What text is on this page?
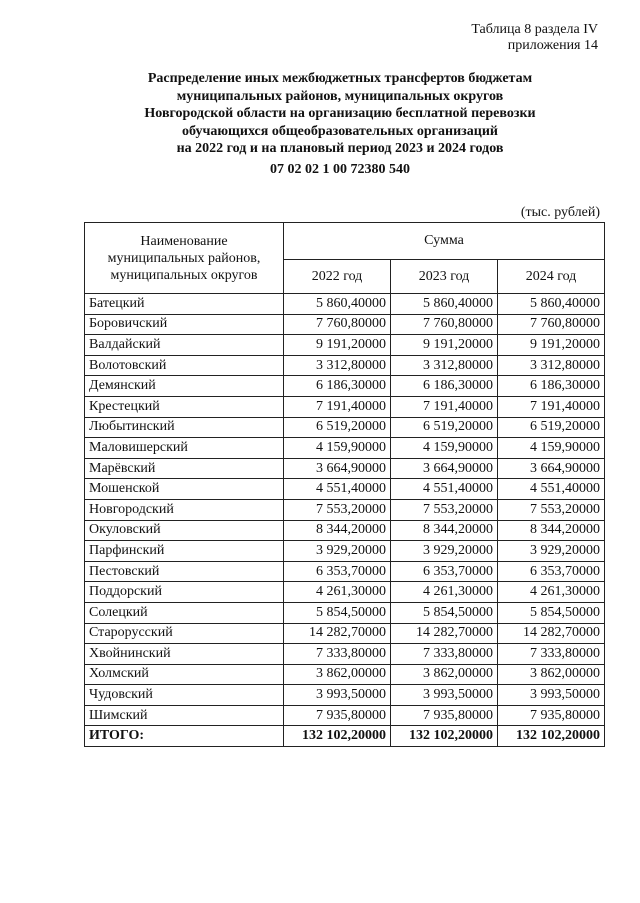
Таблица 8 раздела IV
приложения 14
Распределение иных межбюджетных трансфертов бюджетам
муниципальных районов, муниципальных округов
Новгородской области на организацию бесплатной перевозки
обучающихся общеобразовательных организаций
на 2022 год и на плановый период 2023 и 2024 годов
07 02 02 1 00 72380 540
(тыс. рублей)
Наименование
муниципальных районов,
муниципальных округов	Сумма		
	2022 год	2023 год	2024 год
Батецкий	5 860,40000	5 860,40000	5 860,40000
Боровичский	7 760,80000	7 760,80000	7 760,80000
Валдайский	9 191,20000	9 191,20000	9 191,20000
Волотовский	3 312,80000	3 312,80000	3 312,80000
Демянский	6 186,30000	6 186,30000	6 186,30000
Крестецкий	7 191,40000	7 191,40000	7 191,40000
Любытинский	6 519,20000	6 519,20000	6 519,20000
Маловишерский	4 159,90000	4 159,90000	4 159,90000
Марёвский	3 664,90000	3 664,90000	3 664,90000
Мошенской	4 551,40000	4 551,40000	4 551,40000
Новгородский	7 553,20000	7 553,20000	7 553,20000
Окуловский	8 344,20000	8 344,20000	8 344,20000
Парфинский	3 929,20000	3 929,20000	3 929,20000
Пестовский	6 353,70000	6 353,70000	6 353,70000
Поддорский	4 261,30000	4 261,30000	4 261,30000
Солецкий	5 854,50000	5 854,50000	5 854,50000
Старорусский	14 282,70000	14 282,70000	14 282,70000
Хвойнинский	7 333,80000	7 333,80000	7 333,80000
Холмский	3 862,00000	3 862,00000	3 862,00000
Чудовский	3 993,50000	3 993,50000	3 993,50000
Шимский	7 935,80000	7 935,80000	7 935,80000
ИТОГО:	132 102,20000	132 102,20000	132 102,20000
